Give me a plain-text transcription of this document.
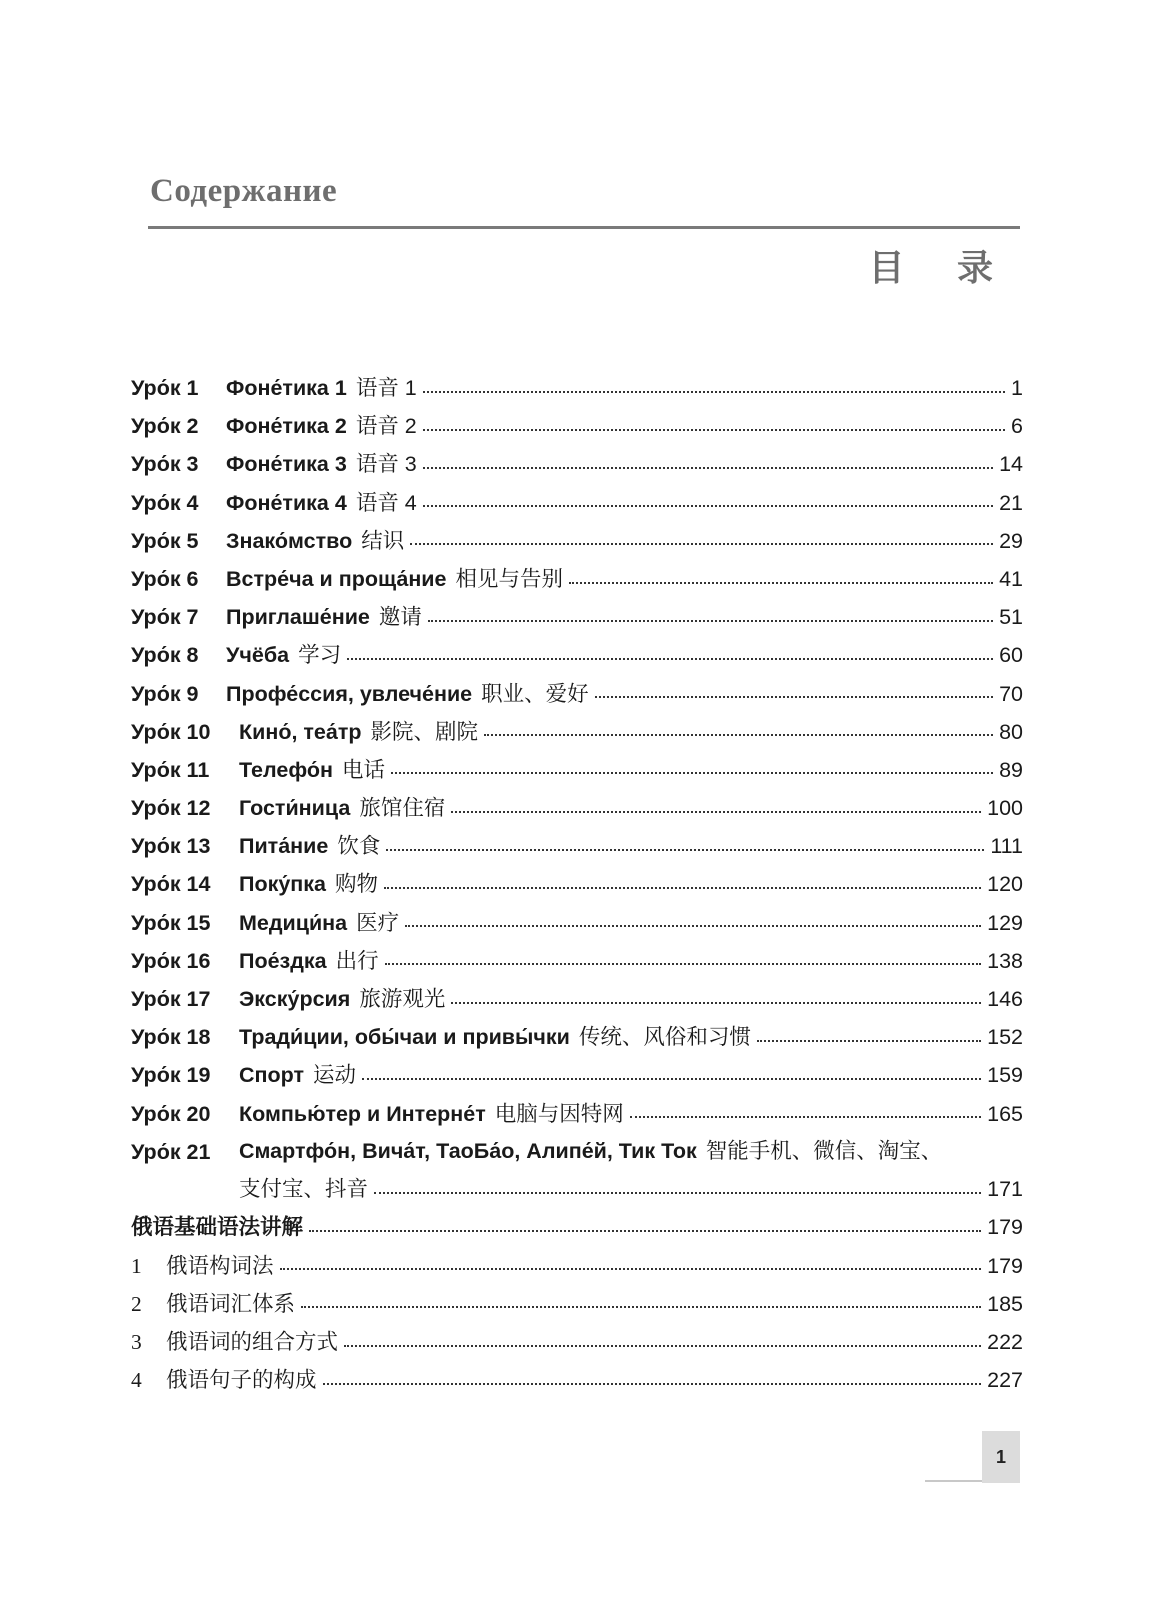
Содержание
目 录
Уро́к 1	Фоне́тика 1 语音 1	1
Уро́к 2	Фоне́тика 2 语音 2	6
Уро́к 3	Фоне́тика 3 语音 3	14
Уро́к 4	Фоне́тика 4 语音 4	21
Уро́к 5	Знако́мство 结识	29
Уро́к 6	Встре́ча и проща́ние 相见与告别	41
Уро́к 7	Приглаше́ние 邀请	51
Уро́к 8	Учёба 学习	60
Уро́к 9	Профе́ссия, увлече́ние 职业、爱好	70
Уро́к 10	Кино́, теа́тр 影院、剧院	80
Уро́к 11	Телефо́н 电话	89
Уро́к 12	Гости́ница 旅馆住宿	100
Уро́к 13	Пита́ние 饮食	111
Уро́к 14	Поку́пка 购物	120
Уро́к 15	Медици́на 医疗	129
Уро́к 16	Пое́здка 出行	138
Уро́к 17	Экску́рсия 旅游观光	146
Уро́к 18	Тради́ции, обы́чаи и привы́чки 传统、风俗和习惯	152
Уро́к 19	Спорт 运动	159
Уро́к 20	Компью́тер и Интерне́т 电脑与因特网	165
Уро́к 21	Смартфо́н, Вича́т, ТаоБа́о, Алипе́й, Тик Ток 智能手机、微信、淘宝、
支付宝、抖音	171
俄语基础语法讲解	179
1	俄语构词法	179
2	俄语词汇体系	185
3	俄语词的组合方式	222
4	俄语句子的构成	227
1
